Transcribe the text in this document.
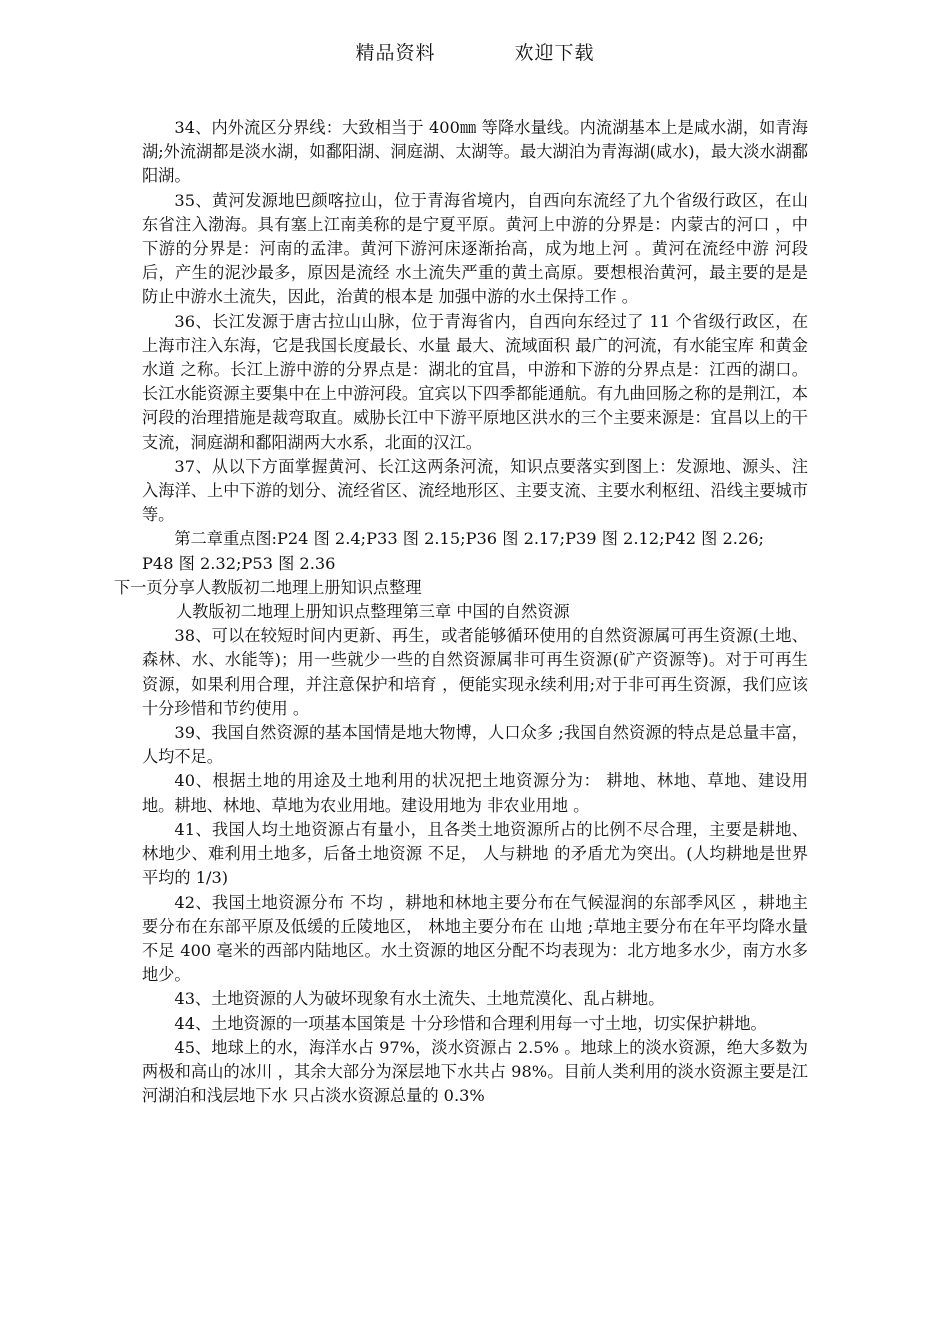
精品资料	欢迎下载

34、内外流区分界线：大致相当于 400㎜ 等降水量线。内流湖基本上是咸水湖，如青海湖;外流湖都是淡水湖，如鄱阳湖、洞庭湖、太湖等。最大湖泊为青海湖(咸水)，最大淡水湖鄱阳湖。

35、黄河发源地巴颜喀拉山，位于青海省境内，自西向东流经了九个省级行政区，在山东省注入渤海。具有塞上江南美称的是宁夏平原。黄河上中游的分界是：内蒙古的河口 ，中下游的分界是：河南的孟津。黄河下游河床逐渐抬高，成为地上河 。黄河在流经中游 河段后，产生的泥沙最多，原因是流经 水土流失严重的黄土高原。要想根治黄河，最主要的是是防止中游水土流失，因此，治黄的根本是 加强中游的水土保持工作 。

36、长江发源于唐古拉山山脉，位于青海省内，自西向东经过了 11 个省级行政区，在上海市注入东海，它是我国长度最长、水量 最大、流域面积 最广的河流，有水能宝库 和黄金水道 之称。长江上游中游的分界点是：湖北的宜昌，中游和下游的分界点是：江西的湖口。长江水能资源主要集中在上中游河段。宜宾以下四季都能通航。有九曲回肠之称的是荆江，本河段的治理措施是裁弯取直。威胁长江中下游平原地区洪水的三个主要来源是：宜昌以上的干支流，洞庭湖和鄱阳湖两大水系，北面的汉江。

37、从以下方面掌握黄河、长江这两条河流，知识点要落实到图上：发源地、源头、注入海洋、上中下游的划分、流经省区、流经地形区、主要支流、主要水利枢纽、沿线主要城市等。

第二章重点图:P24 图 2.4;P33 图 2.15;P36 图 2.17;P39 图 2.12;P42 图 2.26;

P48 图 2.32;P53 图 2.36

下一页分享人教版初二地理上册知识点整理

人教版初二地理上册知识点整理第三章 中国的自然资源

38、可以在较短时间内更新、再生，或者能够循环使用的自然资源属可再生资源(土地、森林、水、水能等)；用一些就少一些的自然资源属非可再生资源(矿产资源等)。对于可再生资源，如果利用合理，并注意保护和培育 ，便能实现永续利用;对于非可再生资源，我们应该十分珍惜和节约使用 。

39、我国自然资源的基本国情是地大物博，人口众多 ;我国自然资源的特点是总量丰富，人均不足。

40、根据土地的用途及土地利用的状况把土地资源分为： 耕地、林地、草地、建设用地。耕地、林地、草地为农业用地。建设用地为 非农业用地 。

41、我国人均土地资源占有量小，且各类土地资源所占的比例不尽合理，主要是耕地、林地少、难利用土地多，后备土地资源 不足， 人与耕地 的矛盾尤为突出。(人均耕地是世界平均的 1/3)

42、我国土地资源分布 不均 ，耕地和林地主要分布在气候湿润的东部季风区 ，耕地主要分布在东部平原及低缓的丘陵地区， 林地主要分布在 山地 ;草地主要分布在年平均降水量不足 400 毫米的西部内陆地区。水土资源的地区分配不均表现为：北方地多水少，南方水多地少。

43、土地资源的人为破坏现象有水土流失、土地荒漠化、乱占耕地。

44、土地资源的一项基本国策是 十分珍惜和合理利用每一寸土地，切实保护耕地。

45、地球上的水，海洋水占 97%，淡水资源占 2.5% 。地球上的淡水资源，绝大多数为两极和高山的冰川 ，其余大部分为深层地下水共占 98%。目前人类利用的淡水资源主要是江河湖泊和浅层地下水 只占淡水资源总量的 0.3%
